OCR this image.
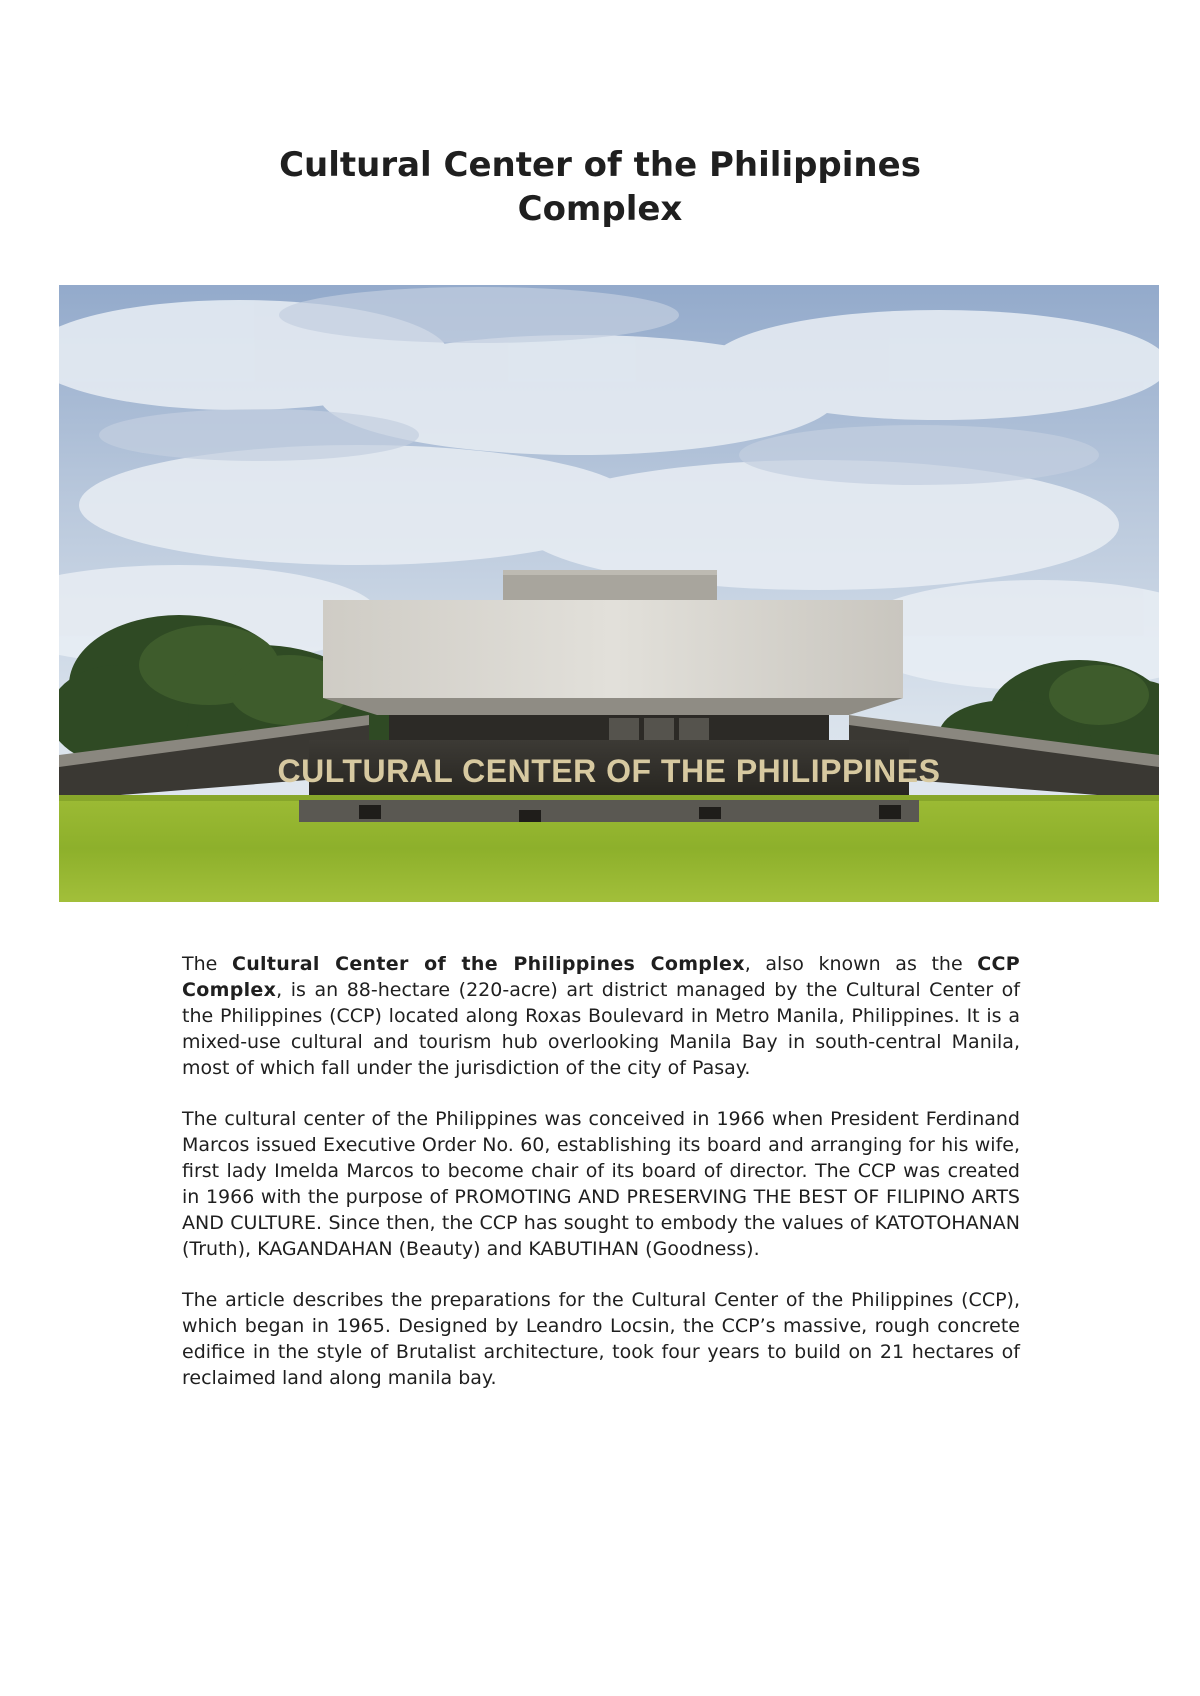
Cultural Center of the Philippines
Complex
CULTURAL CENTER OF THE PHILIPPINES

The Cultural Center of the Philippines Complex, also known as the CCP Complex, is an 88-hectare (220-acre) art district managed by the Cultural Center of the Philippines (CCP) located along Roxas Boulevard in Metro Manila, Philippines. It is a mixed-use cultural and tourism hub overlooking Manila Bay in south-central Manila, most of which fall under the jurisdiction of the city of Pasay.

The cultural center of the Philippines was conceived in 1966 when President Ferdinand Marcos issued Executive Order No. 60, establishing its board and arranging for his wife, first lady Imelda Marcos to become chair of its board of director. The CCP was created in 1966 with the purpose of PROMOTING AND PRESERVING THE BEST OF FILIPINO ARTS AND CULTURE. Since then, the CCP has sought to embody the values of KATOTOHANAN (Truth), KAGANDAHAN (Beauty) and KABUTIHAN (Goodness).

The article describes the preparations for the Cultural Center of the Philippines (CCP), which began in 1965. Designed by Leandro Locsin, the CCP’s massive, rough concrete edifice in the style of Brutalist architecture, took four years to build on 21 hectares of reclaimed land along manila bay.
